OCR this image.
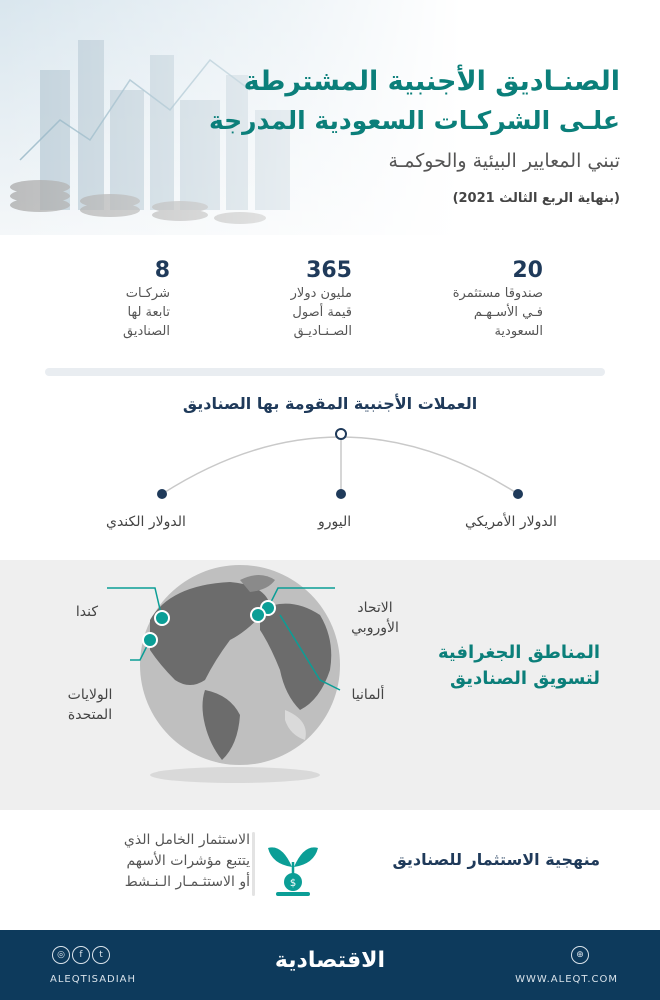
الصنـاديق الأجنبية المشترطة
علـى الشركـات السعودية المدرجة
تبني المعايير البيئية والحوكمـة
(بنهاية الربع الثالث 2021)
20
صندوقا مستثمرة
فـي الأسـهـم
السعودية
365
مليون دولار
قيمة أصول
الصـنـاديـق
8
شركـات
تابعة لها
الصناديق
العملات الأجنبية المقومة بها الصناديق
الدولار الأمريكي
اليورو
الدولار الكندي
كندا
الولايات
المتحدة
الاتحاد
الأوروبي
ألمانيا
المناطق الجغرافية
لتسويق الصناديق
الاستثمار الخامل الذي
يتتبع مؤشرات الأسهم
أو الاستثـمـار الـنـشط	$
منهجية الاستثمار للصناديق
◎	f	t
ALEQTISADIAH
الاقتصادية	⊕
WWW.ALEQT.COM
